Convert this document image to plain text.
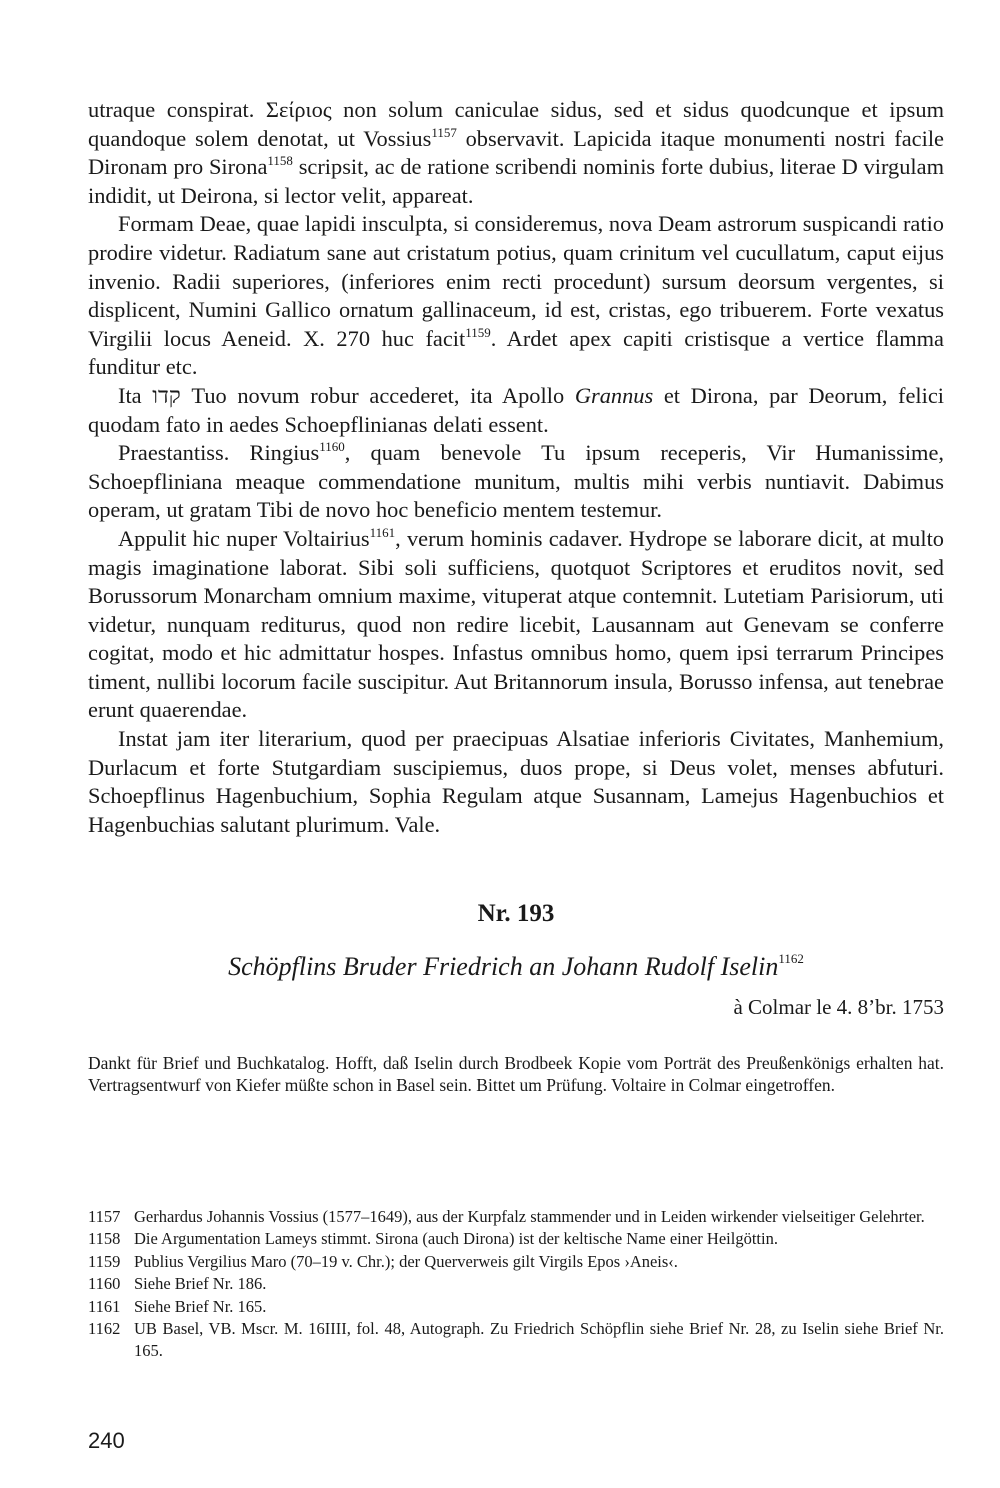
utraque conspirat. Σείριος non solum caniculae sidus, sed et sidus quodcunque et ipsum quandoque solem denotat, ut Vossius$^{1157}$ observavit. Lapicida itaque monumenti nostri facile Dironam pro Sirona$^{1158}$ scripsit, ac de ratione scribendi nominis forte dubius, literae D virgulam indidit, ut Deirona, si lector velit, appareat.

Formam Deae, quae lapidi insculpta, si consideremus, nova Deam astrorum suspicandi ratio prodire videtur. Radiatum sane aut cristatum potius, quam crinitum vel cucullatum, caput eijus invenio. Radii superiores, (inferiores enim recti procedunt) sursum deorsum vergentes, si displicent, Numini Gallico ornatum gallinaceum, id est, cristas, ego tribuerem. Forte vexatus Virgilii locus Aeneid. X. 270 huc facit$^{1159}$. Ardet apex capiti cristisque a vertice flamma funditur etc.

Ita קדו Tuo novum robur accederet, ita Apollo Grannus et Dirona, par Deorum, felici quodam fato in aedes Schoepflinianas delati essent.

Praestantiss. Ringius$^{1160}$, quam benevole Tu ipsum receperis, Vir Humanissime, Schoepfliniana meaque commendatione munitum, multis mihi verbis nuntiavit. Dabimus operam, ut gratam Tibi de novo hoc beneficio mentem testemur.

Appulit hic nuper Voltairius$^{1161}$, verum hominis cadaver. Hydrope se laborare dicit, at multo magis imaginatione laborat. Sibi soli sufficiens, quotquot Scriptores et eruditos novit, sed Borussorum Monarcham omnium maxime, vituperat atque contemnit. Lutetiam Parisiorum, uti videtur, nunquam rediturus, quod non redire licebit, Lausannam aut Genevam se conferre cogitat, modo et hic admittatur hospes. Infastus omnibus homo, quem ipsi terrarum Principes timent, nullibi locorum facile suscipitur. Aut Britannorum insula, Borusso infensa, aut tenebrae erunt quaerendae.

Instat jam iter literarium, quod per praecipuas Alsatiae inferioris Civitates, Manhemium, Durlacum et forte Stutgardiam suscipiemus, duos prope, si Deus volet, menses abfuturi. Schoepflinus Hagenbuchium, Sophia Regulam atque Susannam, Lamejus Hagenbuchios et Hagenbuchias salutant plurimum. Vale.

Nr. 193

Schöpflins Bruder Friedrich an Johann Rudolf Iselin$^{1162}$
à Colmar le 4. 8’br. 1753
Dankt für Brief und Buchkatalog. Hofft, daß Iselin durch Brodbeek Kopie vom Porträt des Preußenkönigs erhalten hat. Vertragsentwurf von Kiefer müßte schon in Basel sein. Bittet um Prüfung. Voltaire in Colmar eingetroffen.
1157 Gerhardus Johannis Vossius (1577–1649), aus der Kurpfalz stammender und in Leiden wirkender vielseitiger Gelehrter.
1158 Die Argumentation Lameys stimmt. Sirona (auch Dirona) ist der keltische Name einer Heilgöttin.
1159 Publius Vergilius Maro (70–19 v. Chr.); der Querverweis gilt Virgils Epos ›Aneis‹.
1160 Siehe Brief Nr. 186.
1161 Siehe Brief Nr. 165.
1162 UB Basel, VB. Mscr. M. 16IIII, fol. 48, Autograph. Zu Friedrich Schöpflin siehe Brief Nr. 28, zu Iselin siehe Brief Nr. 165.
240
